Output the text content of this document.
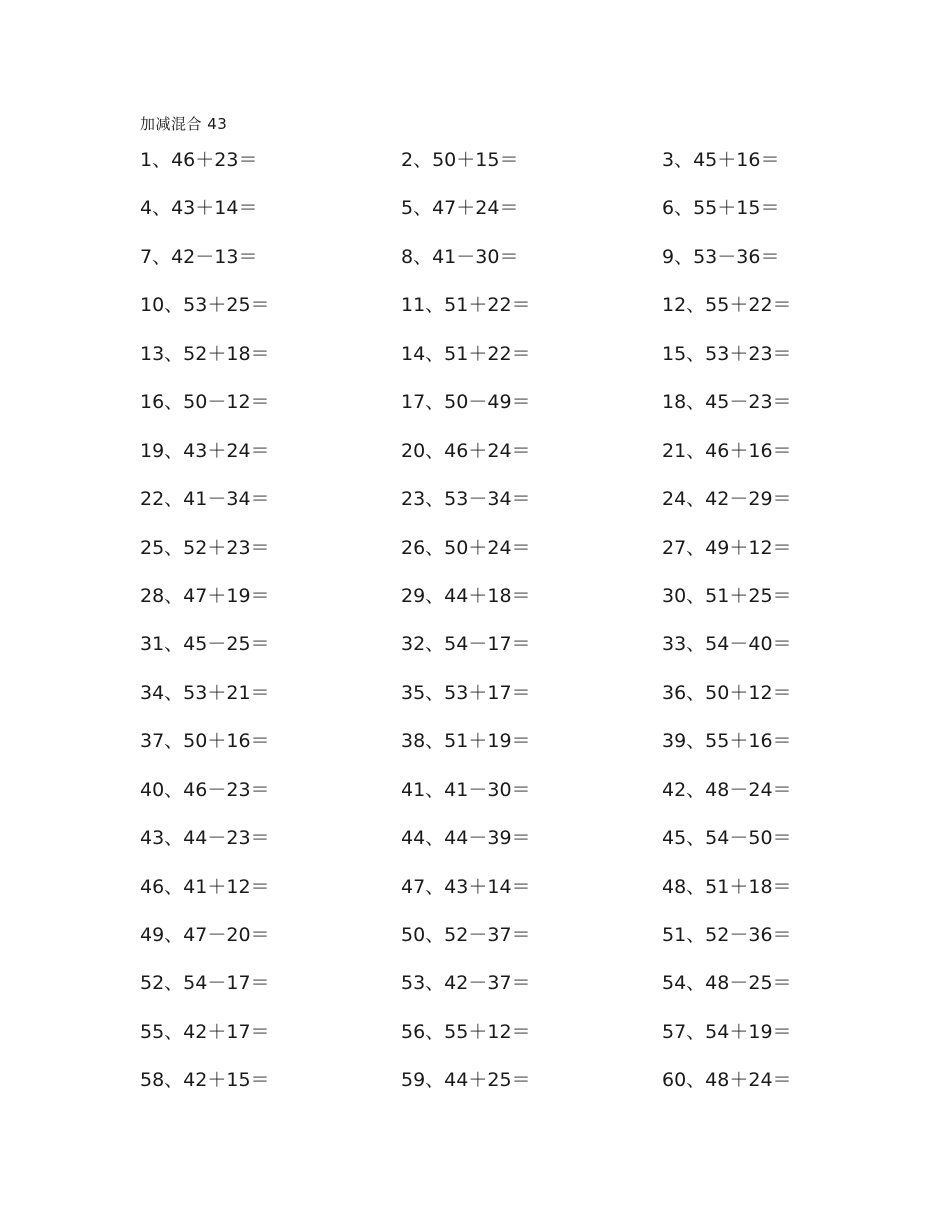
加减混合 43
1、46＋23＝	2、50＋15＝	3、45＋16＝
4、43＋14＝	5、47＋24＝	6、55＋15＝
7、42－13＝	8、41－30＝	9、53－36＝
10、53＋25＝	11、51＋22＝	12、55＋22＝
13、52＋18＝	14、51＋22＝	15、53＋23＝
16、50－12＝	17、50－49＝	18、45－23＝
19、43＋24＝	20、46＋24＝	21、46＋16＝
22、41－34＝	23、53－34＝	24、42－29＝
25、52＋23＝	26、50＋24＝	27、49＋12＝
28、47＋19＝	29、44＋18＝	30、51＋25＝
31、45－25＝	32、54－17＝	33、54－40＝
34、53＋21＝	35、53＋17＝	36、50＋12＝
37、50＋16＝	38、51＋19＝	39、55＋16＝
40、46－23＝	41、41－30＝	42、48－24＝
43、44－23＝	44、44－39＝	45、54－50＝
46、41＋12＝	47、43＋14＝	48、51＋18＝
49、47－20＝	50、52－37＝	51、52－36＝
52、54－17＝	53、42－37＝	54、48－25＝
55、42＋17＝	56、55＋12＝	57、54＋19＝
58、42＋15＝	59、44＋25＝	60、48＋24＝
